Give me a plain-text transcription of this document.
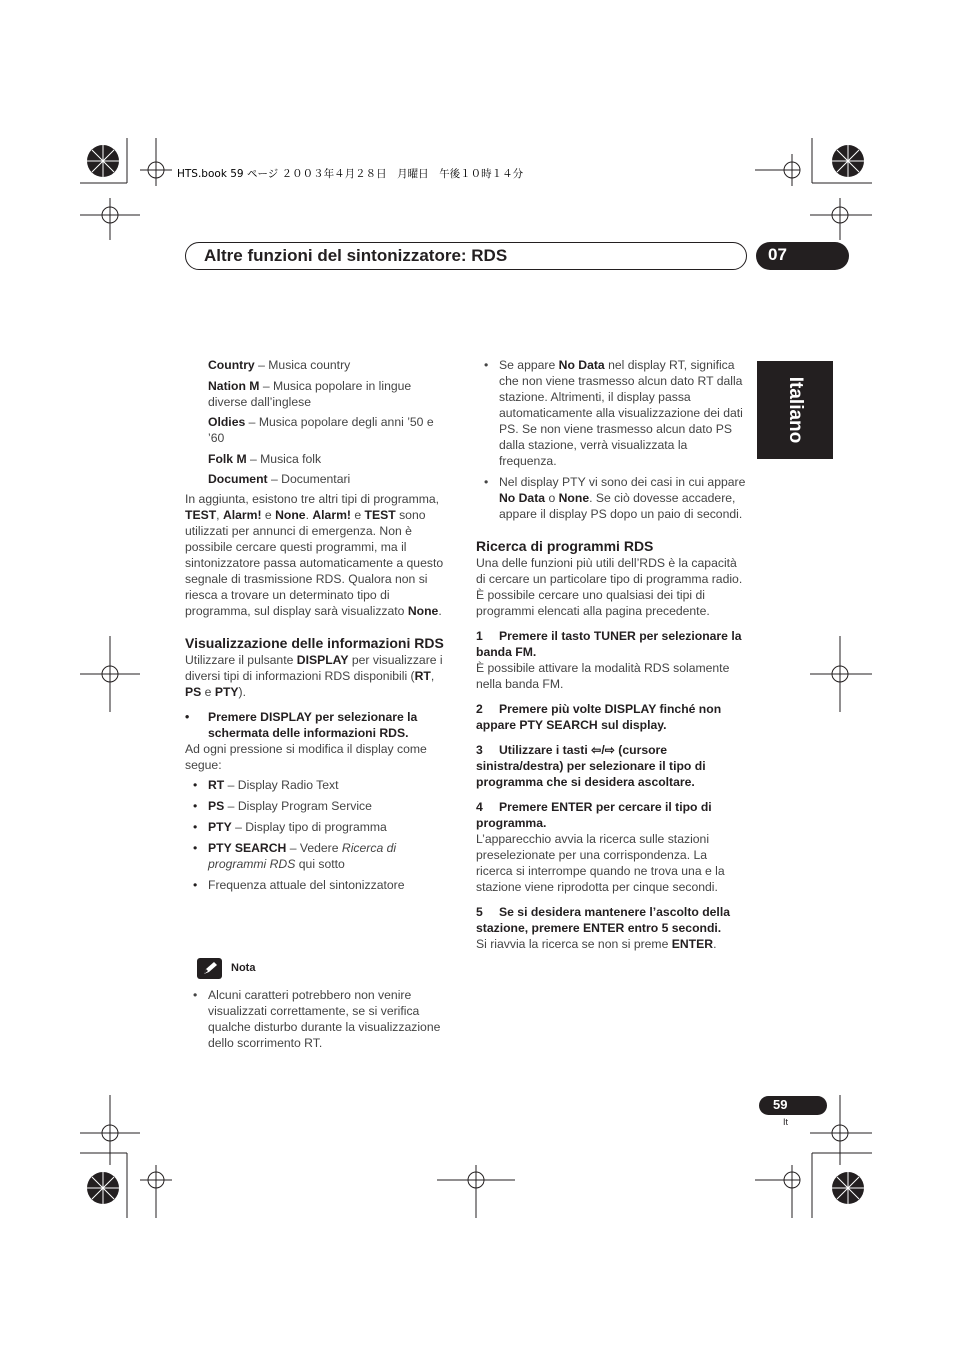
HTS.book 59 ページ ２００３年４月２８日　月曜日　午後１０時１４分
Altre funzioni del sintonizzatore: RDS	07
Italiano

Country – Musica country

Nation M – Musica popolare in lingue diverse dall’inglese

Oldies – Musica popolare degli anni ’50 e ’60

Folk M – Musica folk

Document – Documentari

In aggiunta, esistono tre altri tipi di programma, TEST, Alarm! e None. Alarm! e TEST sono utilizzati per annunci di emergenza. Non è possibile cercare questi programmi, ma il sintonizzatore passa automaticamente a questo segnale di trasmissione RDS. Qualora non si riesca a trovare un determinato tipo di programma, sul display sarà visualizzato None.

Visualizzazione delle informazioni RDS

Utilizzare il pulsante DISPLAY per visualizzare i diversi tipi di informazioni RDS disponibili (RT, PS e PTY).

• Premere DISPLAY per selezionare la schermata delle informazioni RDS.

Ad ogni pressione si modifica il display come segue:

• RT – Display Radio Text

• PS – Display Program Service

• PTY – Display tipo di programma

• PTY SEARCH – Vedere Ricerca di programmi RDS qui sotto

• Frequenza attuale del sintonizzatore

Nota

• Alcuni caratteri potrebbero non venire visualizzati correttamente, se si verifica qualche disturbo durante la visualizzazione dello scorrimento RT.

• Se appare No Data nel display RT, significa che non viene trasmesso alcun dato RT dalla stazione. Altrimenti, il display passa automaticamente alla visualizzazione dei dati PS. Se non viene trasmesso alcun dato PS dalla stazione, verrà visualizzata la frequenza.

• Nel display PTY vi sono dei casi in cui appare No Data o None. Se ciò dovesse accadere, appare il display PS dopo un paio di secondi.

Ricerca di programmi RDS

Una delle funzioni più utili dell’RDS è la capacità di cercare un particolare tipo di programma radio. È possibile cercare uno qualsiasi dei tipi di programmi elencati alla pagina precedente.

1 Premere il tasto TUNER per selezionare la banda FM.

È possibile attivare la modalità RDS solamente nella banda FM.

2 Premere più volte DISPLAY finché non appare PTY SEARCH sul display.

3 Utilizzare i tasti ⇦/⇨ (cursore sinistra/destra) per selezionare il tipo di programma che si desidera ascoltare.

4 Premere ENTER per cercare il tipo di programma.

L’apparecchio avvia la ricerca sulle stazioni preselezionate per una corrispondenza. La ricerca si interrompe quando ne trova una e la stazione viene riprodotta per cinque secondi.

5 Se si desidera mantenere l’ascolto della stazione, premere ENTER entro 5 secondi.

Si riavvia la ricerca se non si preme ENTER.

59
It
